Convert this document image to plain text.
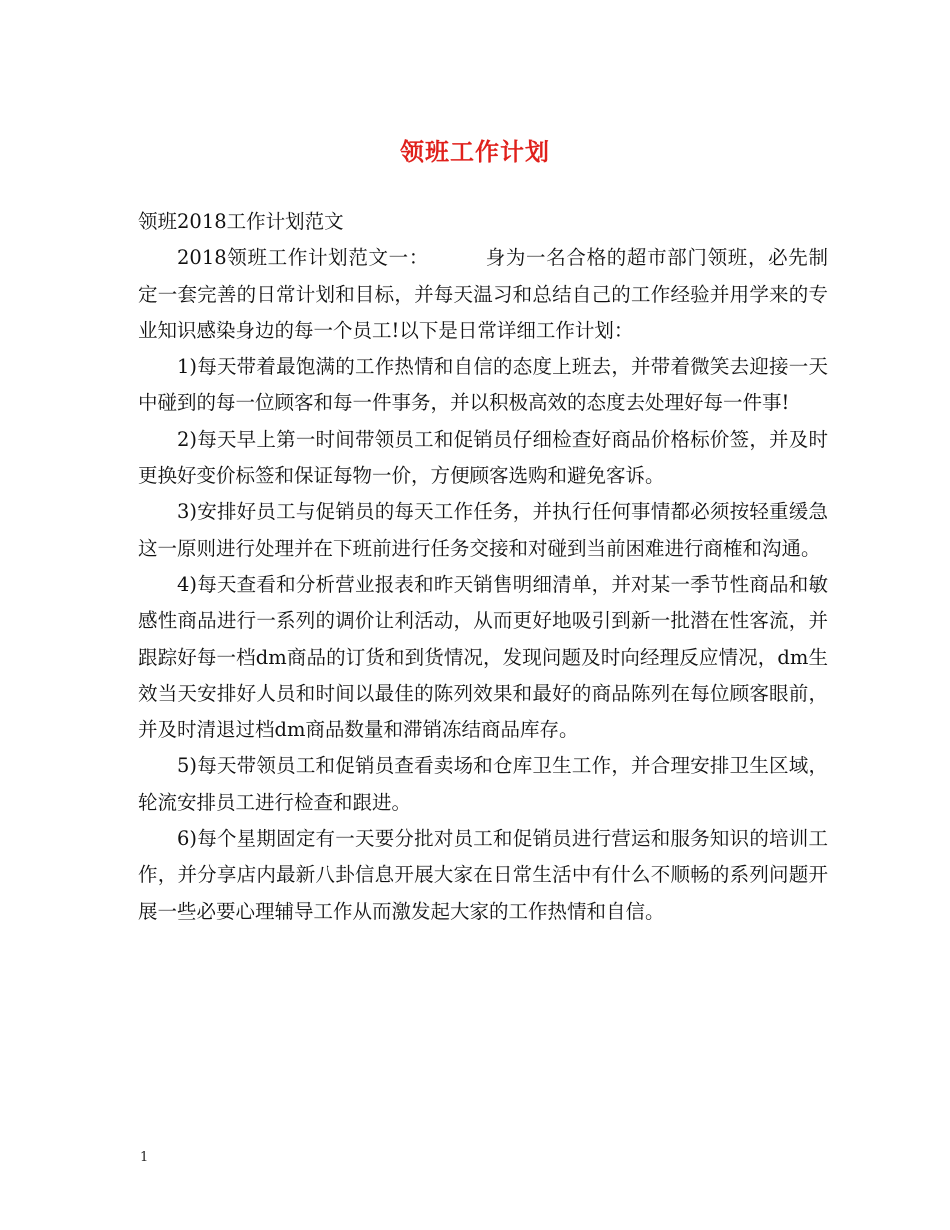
领班工作计划

领班2018工作计划范文

2018领班工作计划范文一：	身为一名合格的超市部门领班，必先制定一套完善的日常计划和目标，并每天温习和总结自己的工作经验并用学来的专业知识感染身边的每一个员工!以下是日常详细工作计划：

1)每天带着最饱满的工作热情和自信的态度上班去，并带着微笑去迎接一天中碰到的每一位顾客和每一件事务，并以积极高效的态度去处理好每一件事!

2)每天早上第一时间带领员工和促销员仔细检查好商品价格标价签，并及时更换好变价标签和保证每物一价，方便顾客选购和避免客诉。

3)安排好员工与促销员的每天工作任务，并执行任何事情都必须按轻重缓急这一原则进行处理并在下班前进行任务交接和对碰到当前困难进行商榷和沟通。

4)每天查看和分析营业报表和昨天销售明细清单，并对某一季节性商品和敏感性商品进行一系列的调价让利活动，从而更好地吸引到新一批潜在性客流，并跟踪好每一档dm商品的订货和到货情况，发现问题及时向经理反应情况，dm生效当天安排好人员和时间以最佳的陈列效果和最好的商品陈列在每位顾客眼前，并及时清退过档dm商品数量和滞销冻结商品库存。

5)每天带领员工和促销员查看卖场和仓库卫生工作，并合理安排卫生区域，轮流安排员工进行检查和跟进。

6)每个星期固定有一天要分批对员工和促销员进行营运和服务知识的培训工作，并分享店内最新八卦信息开展大家在日常生活中有什么不顺畅的系列问题开展一些必要心理辅导工作从而激发起大家的工作热情和自信。

1
